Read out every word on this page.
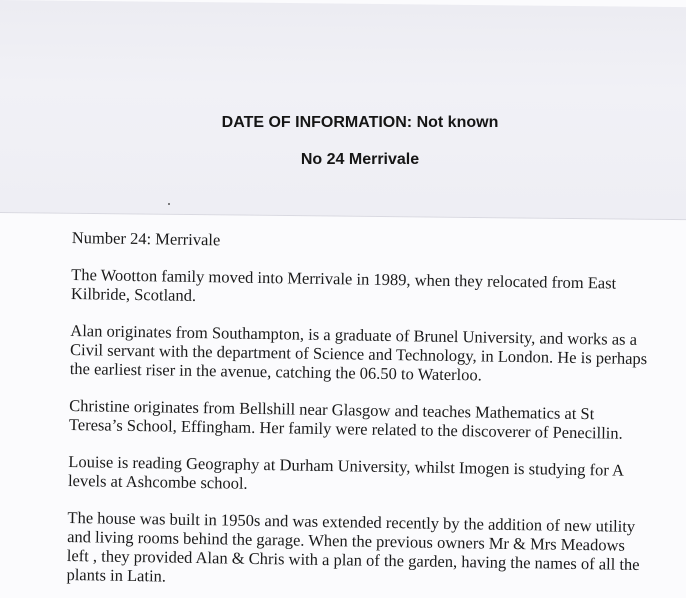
DATE OF INFORMATION: Not known
No 24 Merrivale

Number 24: Merrivale

The Wootton family moved into Merrivale in 1989, when they relocated from East Kilbride, Scotland.

Alan originates from Southampton, is a graduate of Brunel University, and works as a Civil servant with the department of Science and Technology, in London. He is perhaps the earliest riser in the avenue, catching the 06.50 to Waterloo.

Christine originates from Bellshill near Glasgow and teaches Mathematics at St Teresa’s School, Effingham. Her family were related to the discoverer of Penecillin.

Louise is reading Geography at Durham University, whilst Imogen is studying for A levels at Ashcombe school.

The house was built in 1950s and was extended recently by the addition of new utility and living rooms behind the garage. When the previous owners Mr & Mrs Meadows left , they provided Alan & Chris with a plan of the garden, having the names of all the plants in Latin.
